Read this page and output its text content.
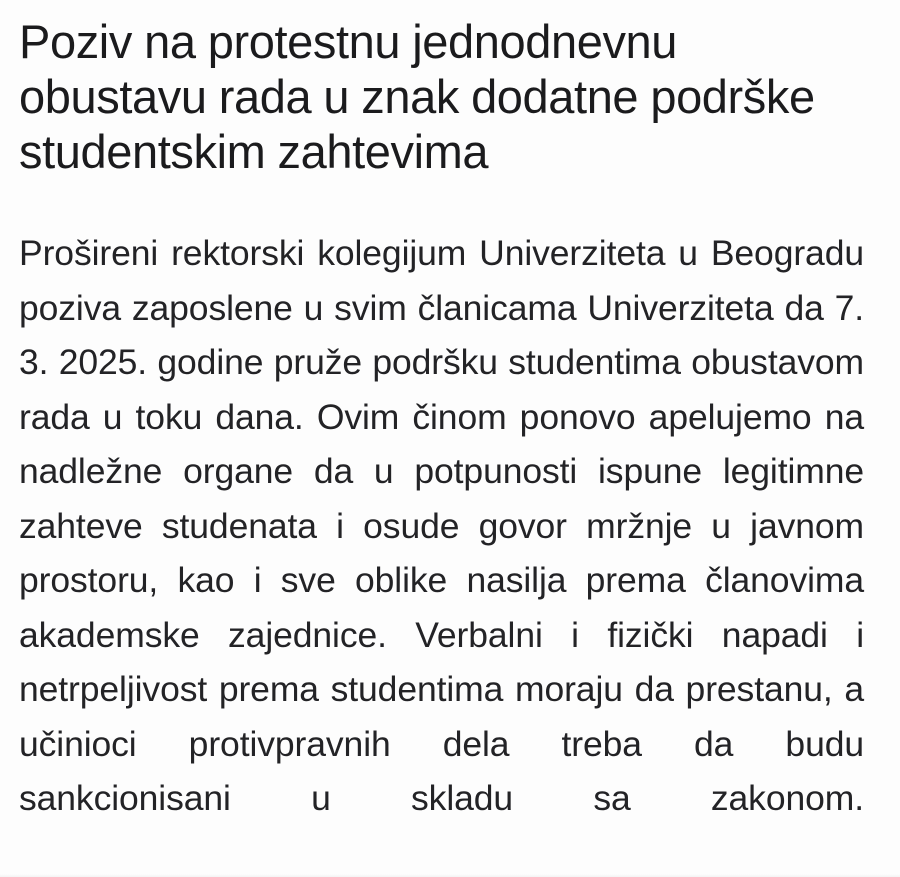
Poziv na protestnu jednodnevnu obustavu rada u znak dodatne podrške studentskim zahtevima

Prošireni rektorski kolegijum Univerziteta u Beogradu poziva zaposlene u svim članicama Univerziteta da 7. 3. 2025. godine pruže podršku studentima obustavom rada u toku dana. Ovim činom ponovo apelujemo na nadležne organe da u potpunosti ispune legitimne zahteve studenata i osude govor mržnje u javnom prostoru, kao i sve oblike nasilja prema članovima akademske zajednice. Verbalni i fizički napadi i netrpeljivost prema studentima moraju da prestanu, a učinioci protivpravnih dela treba da budu sankcionisani u skladu sa zakonom.
